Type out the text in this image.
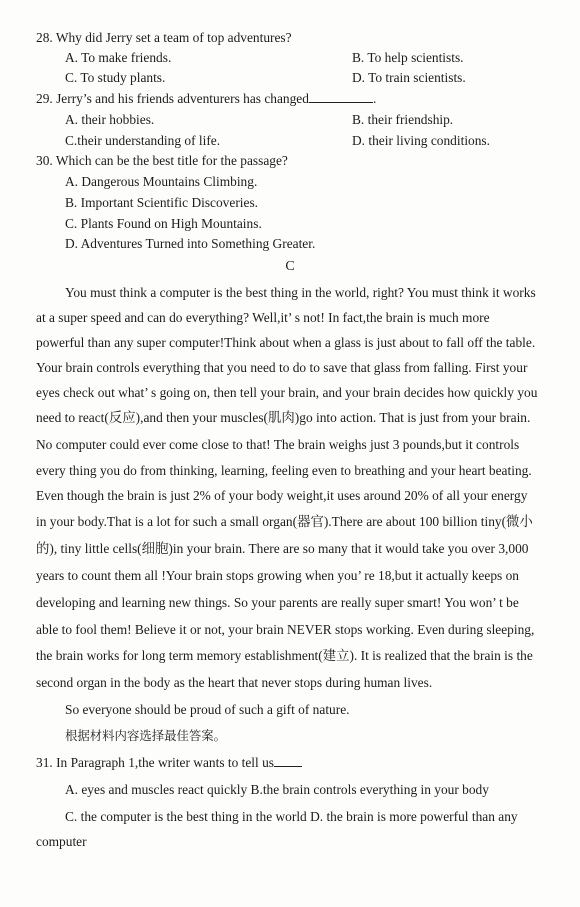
28. Why did Jerry set a team of top adventures?
A. To make friends.	B. To help scientists.
C. To study plants.	D. To train scientists.
29. Jerry’s and his friends adventurers has changed	.
A. their hobbies.	B. their friendship.
C.their understanding of life.	D. their living conditions.
30. Which can be the best title for the passage?
A. Dangerous Mountains Climbing.
B. Important Scientific Discoveries.
C. Plants Found on High Mountains.
D. Adventures Turned into Something Greater.
C
You must think a computer is the best thing in the world, right? You must think it works
at a super speed and can do everything? Well,it’ s not! In fact,the brain is much more
powerful than any super computer!Think about when a glass is just about to fall off the table.
Your brain controls everything that you need to do to save that glass from falling. First your
eyes check out what’ s going on, then tell your brain, and your brain decides how quickly you
need to react(反应),and then your muscles(肌肉)go into action. That is just from your brain.
No computer could ever come close to that! The brain weighs just 3 pounds,but it controls
every thing you do from thinking, learning, feeling even to breathing and your heart beating.
Even though the brain is just 2% of your body weight,it uses around 20% of all your energy
in your body.That is a lot for such a small organ(器官).There are about 100 billion tiny(微小
的), tiny little cells(细胞)in your brain. There are so many that it would take you over 3,000
years to count them all !Your brain stops growing when you’ re 18,but it actually keeps on
developing and learning new things. So your parents are really super smart! You won’ t be
able to fool them! Believe it or not, your brain NEVER stops working. Even during sleeping,
the brain works for long term memory establishment(建立). It is realized that the brain is the
second organ in the body as the heart that never stops during human lives.
So everyone should be proud of such a gift of nature.
根据材料内容选择最佳答案。
31. In Paragraph 1,the writer wants to tell us
A. eyes and muscles react quickly B.the brain controls everything in your body
C. the computer is the best thing in the world D. the brain is more powerful than any
computer
